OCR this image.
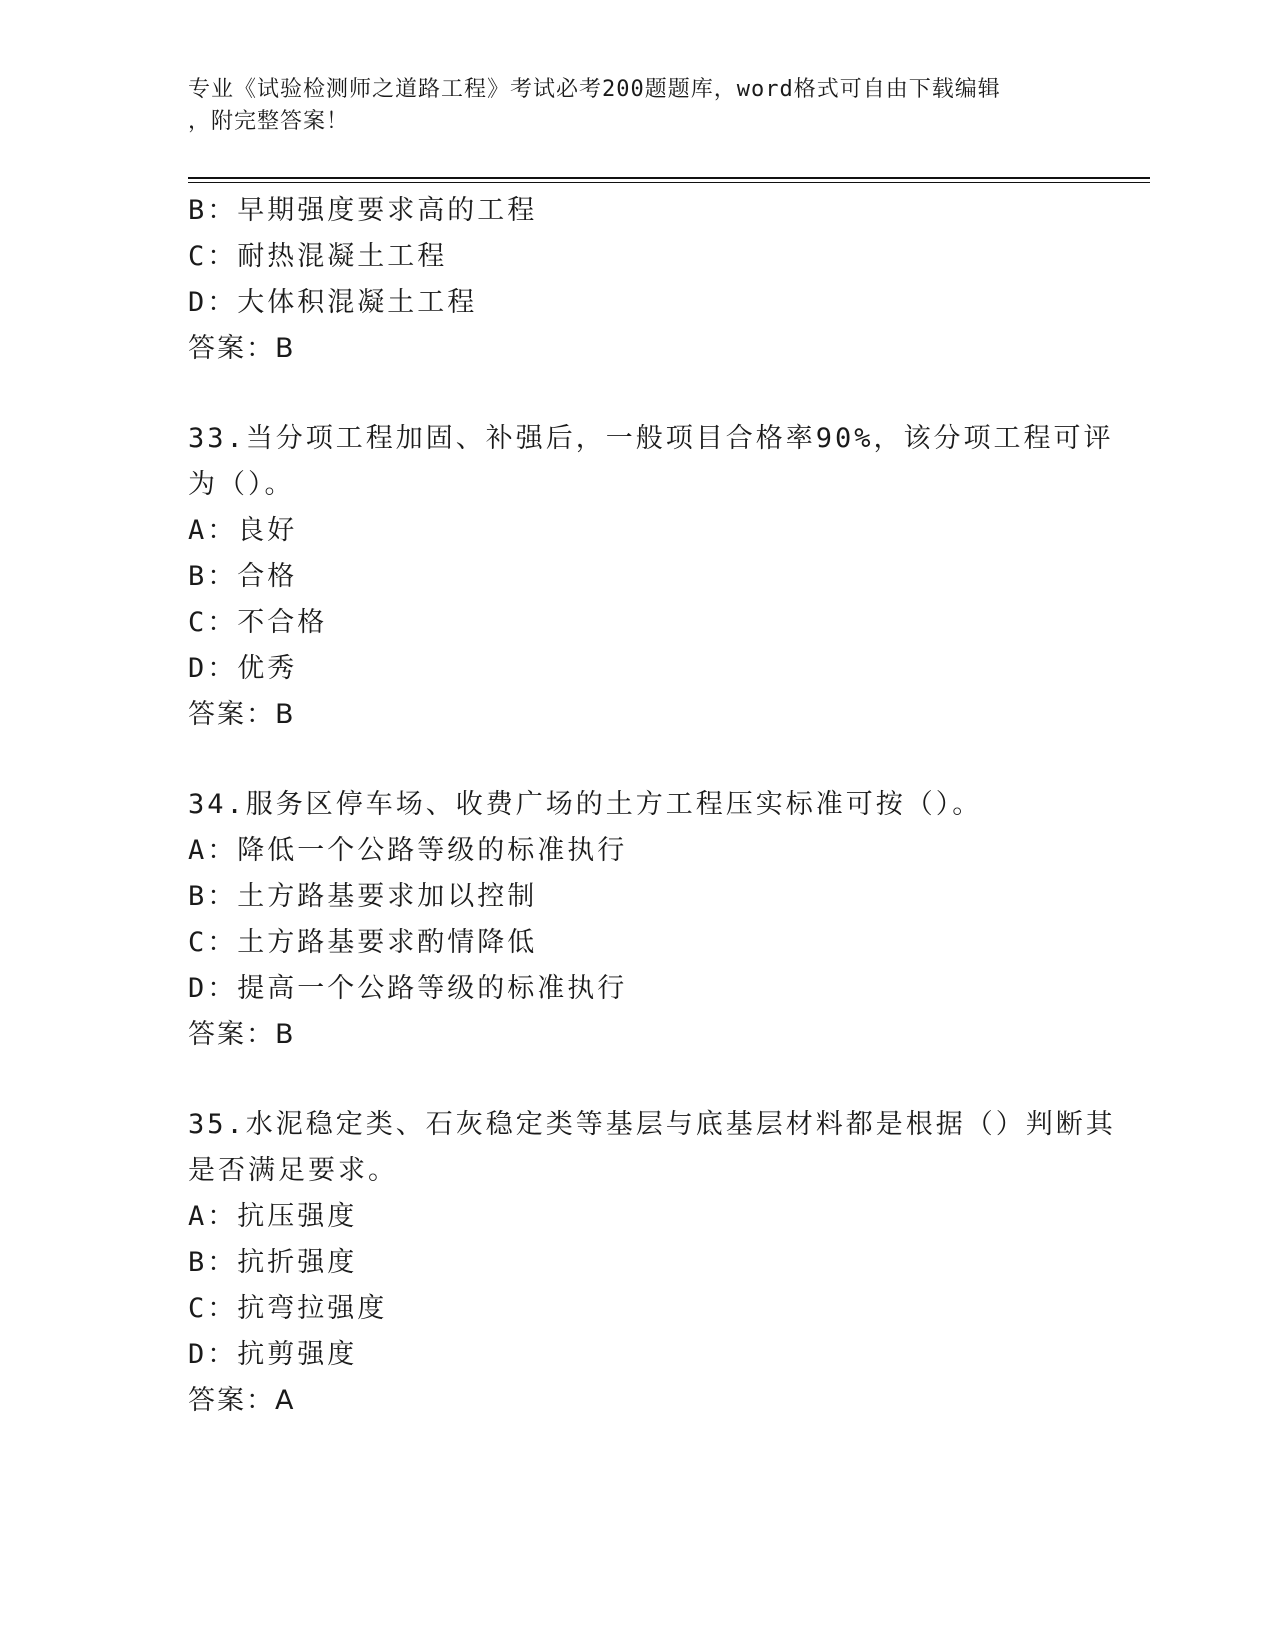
专业《试验检测师之道路工程》考试必考200题题库，word格式可自由下载编辑
，附完整答案！
B：早期强度要求高的工程
C：耐热混凝土工程
D：大体积混凝土工程
答案：B
33.当分项工程加固、补强后，一般项目合格率90%，该分项工程可评
为（）。
A：良好
B：合格
C：不合格
D：优秀
答案：B
34.服务区停车场、收费广场的土方工程压实标准可按（）。
A：降低一个公路等级的标准执行
B：土方路基要求加以控制
C：土方路基要求酌情降低
D：提高一个公路等级的标准执行
答案：B
35.水泥稳定类、石灰稳定类等基层与底基层材料都是根据（）判断其
是否满足要求。
A：抗压强度
B：抗折强度
C：抗弯拉强度
D：抗剪强度
答案：A
